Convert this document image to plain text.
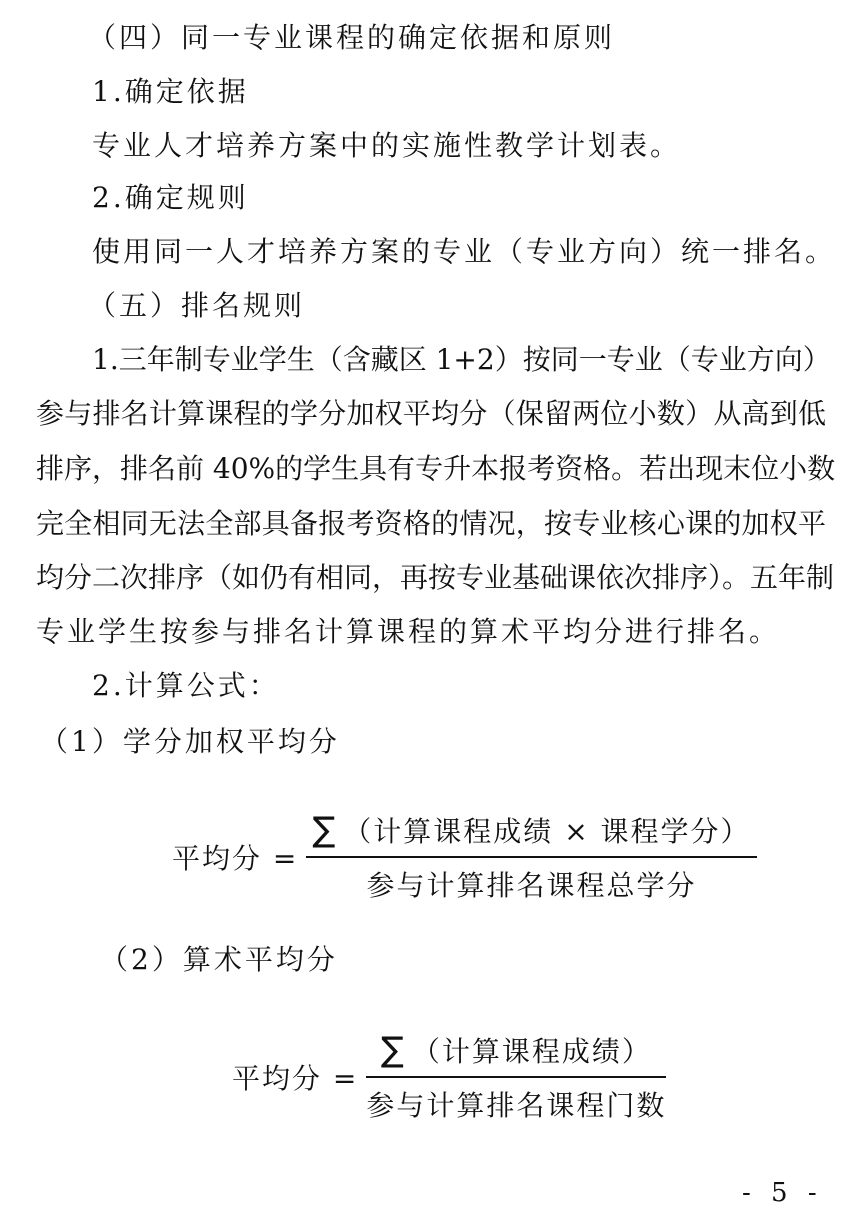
（四）同一专业课程的确定依据和原则
1.确定依据
专业人才培养方案中的实施性教学计划表。
2.确定规则
使用同一人才培养方案的专业（专业方向）统一排名。
（五）排名规则
1.三年制专业学生（含藏区 1+2）按同一专业（专业方向）
参与排名计算课程的学分加权平均分（保留两位小数）从高到低
排序，排名前 40%的学生具有专升本报考资格。若出现末位小数
完全相同无法全部具备报考资格的情况，按专业核心课的加权平
均分二次排序（如仍有相同，再按专业基础课依次排序）。五年制
专业学生按参与排名计算课程的算术平均分进行排名。
2.计算公式：
（1）学分加权平均分
平均分 = $\frac{\text{∑ （计算课程成绩 × 课程学分）}}{\text{参与计算排名课程总学分}}$
（2）算术平均分
平均分 = $\frac{\text{∑ （计算课程成绩）}}{\text{参与计算排名课程门数}}$
- 5 -
